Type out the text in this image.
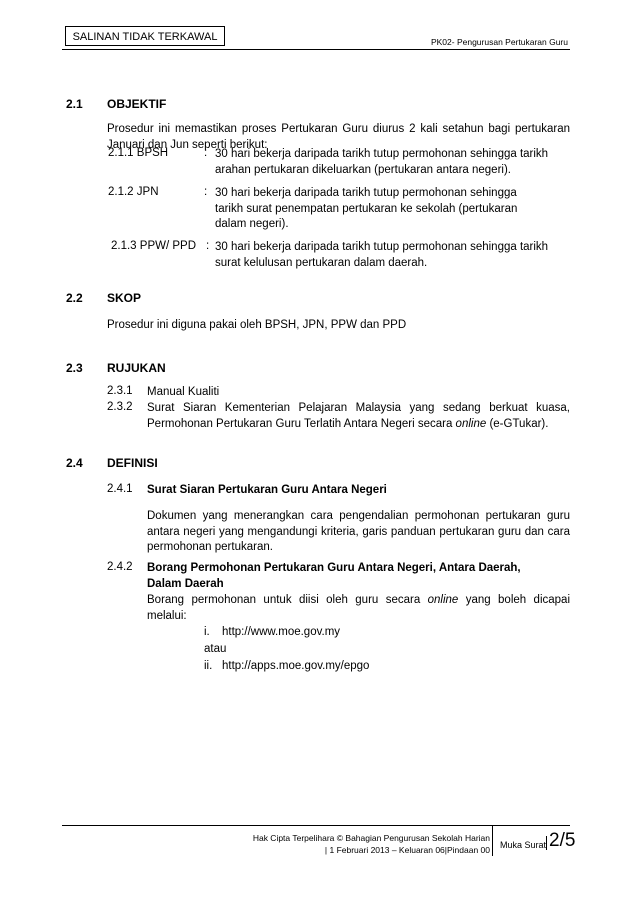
SALINAN TIDAK TERKAWAL	PK02- Pengurusan Pertukaran Guru
2.1 OBJEKTIF
Prosedur ini memastikan proses Pertukaran Guru diurus 2 kali setahun bagi pertukaran Januari dan Jun seperti berikut:
2.1.1 BPSH	: 30 hari bekerja daripada tarikh tutup permohonan sehingga tarikh arahan pertukaran dikeluarkan (pertukaran antara negeri).
2.1.2 JPN	: 30 hari bekerja daripada tarikh tutup permohonan sehingga tarikh surat penempatan pertukaran ke sekolah (pertukaran dalam negeri).
2.1.3 PPW/ PPD : 30 hari bekerja daripada tarikh tutup permohonan sehingga tarikh surat kelulusan pertukaran dalam daerah.
2.2 SKOP
Prosedur ini diguna pakai oleh BPSH, JPN, PPW dan PPD
2.3 RUJUKAN
2.3.1 Manual Kualiti
2.3.2 Surat Siaran Kementerian Pelajaran Malaysia yang sedang berkuat kuasa, Permohonan Pertukaran Guru Terlatih Antara Negeri secara online (e-GTukar).
2.4 DEFINISI
2.4.1 Surat Siaran Pertukaran Guru Antara Negeri
Dokumen yang menerangkan cara pengendalian permohonan pertukaran guru antara negeri yang mengandungi kriteria, garis panduan pertukaran guru dan cara permohonan pertukaran.
2.4.2 Borang Permohonan Pertukaran Guru Antara Negeri, Antara Daerah,
Dalam Daerah
Borang permohonan untuk diisi oleh guru secara online yang boleh dicapai melalui:
i. http://www.moe.gov.my
atau
ii. http://apps.moe.gov.my/epgo
Hak Cipta Terpelihara © Bahagian Pengurusan Sekolah Harian
| 1 Februari 2013 – Keluaran 06|Pindaan 00 Muka Surat 2/5
